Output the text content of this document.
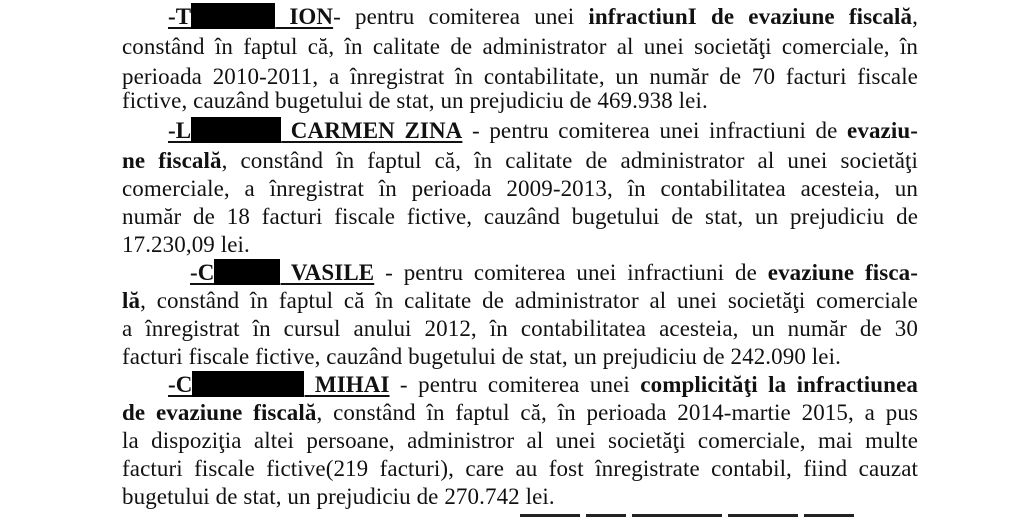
-T	ION- pentru comiterea unei infractiunI de evaziune fiscală,
constând în faptul că, în calitate de administrator al unei societăţi comerciale, în
perioada 2010-2011, a înregistrat în contabilitate, un număr de 70 facturi fiscale
fictive, cauzând bugetului de stat, un prejudiciu de 469.938 lei.
-L	CARMEN ZINA - pentru comiterea unei infractiuni de evaziu-
ne fiscală, constând în faptul că, în calitate de administrator al unei societăţi
comerciale, a înregistrat în perioada 2009-2013, în contabilitatea acesteia, un
număr de 18 facturi fiscale fictive, cauzând bugetului de stat, un prejudiciu de
17.230,09 lei.
-C	VASILE - pentru comiterea unei infractiuni de evaziune fisca-
lă, constând în faptul că în calitate de administrator al unei societăţi comerciale
a înregistrat în cursul anului 2012, în contabilitatea acesteia, un număr de 30
facturi fiscale fictive, cauzând bugetului de stat, un prejudiciu de 242.090 lei.
-C	MIHAI - pentru comiterea unei complicităţi la infractiunea
de evaziune fiscală, constând în faptul că, în perioada 2014-martie 2015, a pus
la dispoziţia altei persoane, administror al unei societăţi comerciale, mai multe
facturi fiscale fictive(219 facturi), care au fost înregistrate contabil, fiind cauzat
bugetului de stat, un prejudiciu de 270.742 lei.
